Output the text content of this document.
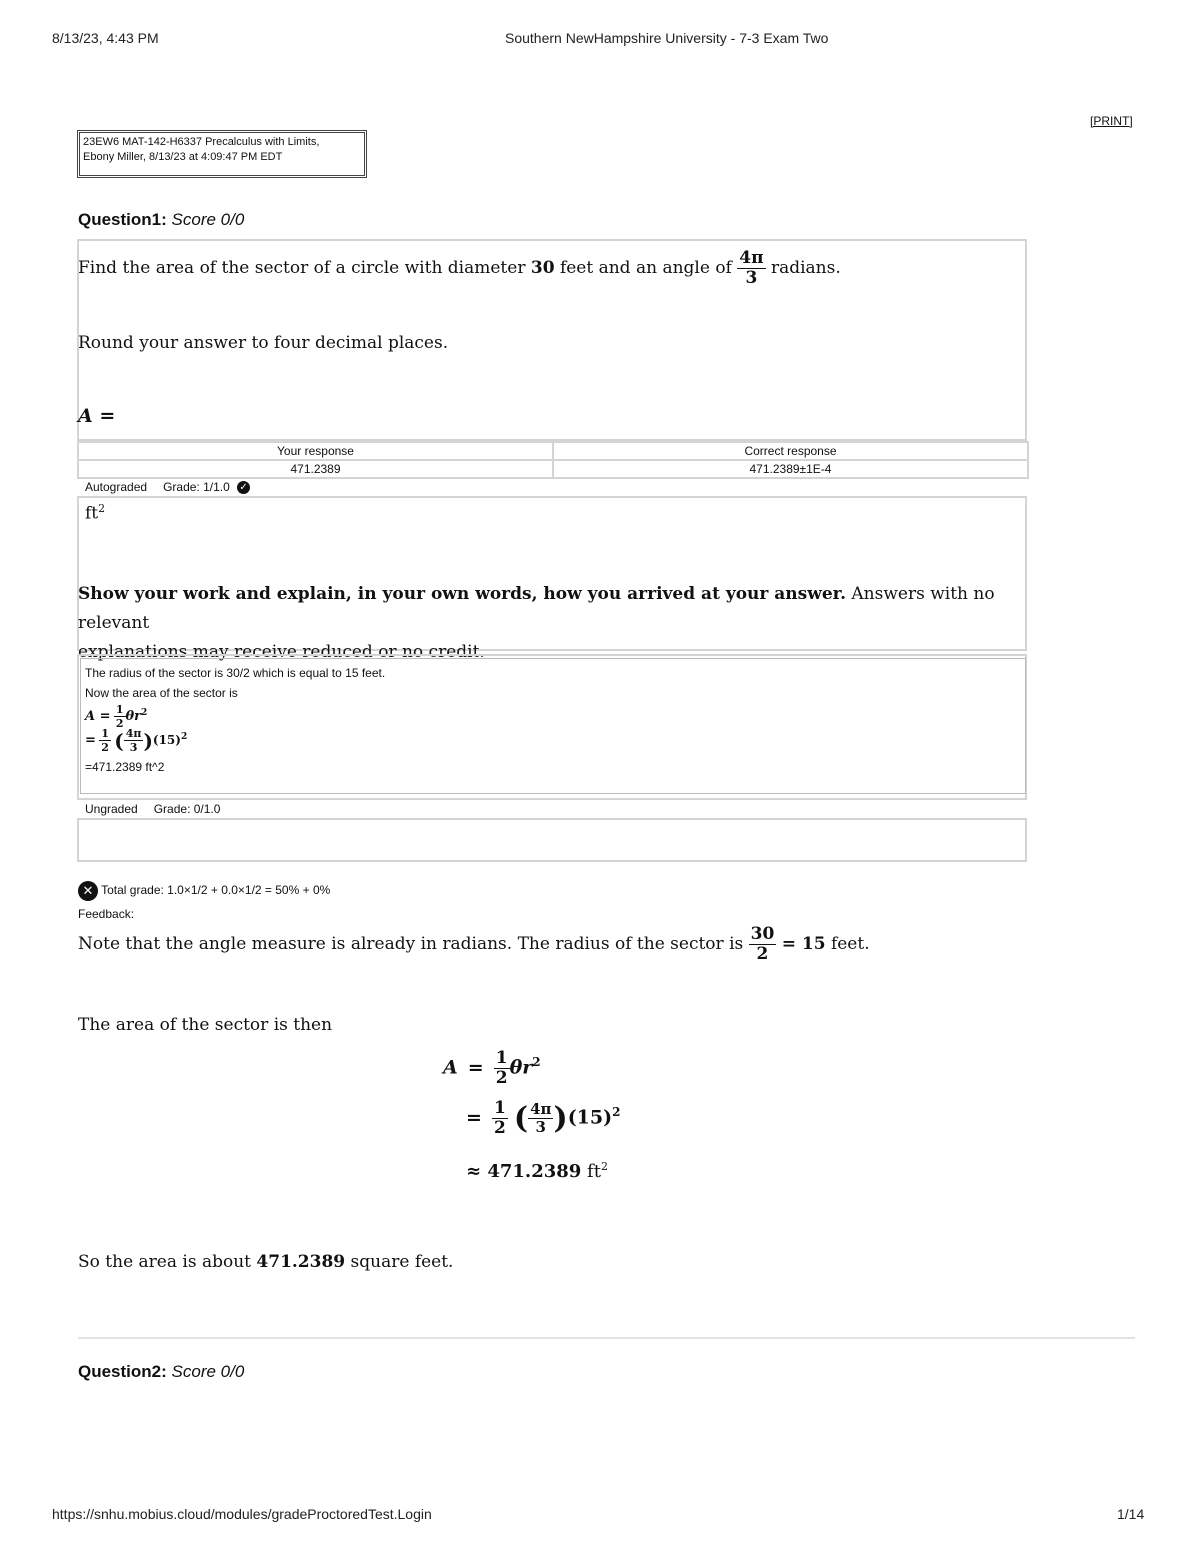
8/13/23, 4:43 PM	Southern NewHampshire University - 7-3 Exam Two
[PRINT]
23EW6 MAT-142-H6337 Precalculus with Limits,
Ebony Miller, 8/13/23 at 4:09:47 PM EDT
Question1: Score 0/0
Find the area of the sector of a circle with diameter 30 feet and an angle of $\frac{4\pi}{3}$ radians.
Round your answer to four decimal places.
A =
Your response	Correct response
471.2389	471.2389±1E-4
Autograded Grade: 1/1.0 ✓
$ft^2$
Show your work and explain, in your own words, how you arrived at your answer. Answers with no relevant
explanations may receive reduced or no credit.
The radius of the sector is 30/2 which is equal to 15 feet.
Now the area of the sector is
$A = \frac{1}{2} \theta r^2$
= $\frac{1}{2}$ ( $\frac{4\pi}{3} )(15)^2$
=471.2389 ft^2
Ungraded Grade: 0/1.0
✕ Total grade: 1.0×1/2 + 0.0×1/2 = 50% + 0%
Feedback:
Note that the angle measure is already in radians. The radius of the sector is $\frac{30}{2} = 15$ feet.
The area of the sector is then
$A = \frac{1}{2} \theta r^2$
= $\frac{1}{2}$ ( $\frac{4\pi}{3} )(15)^2$
≈ 471.2389 $ft^2$
So the area is about 471.2389 square feet.
Question2: Score 0/0
https://snhu.mobius.cloud/modules/gradeProctoredTest.Login	1/14
